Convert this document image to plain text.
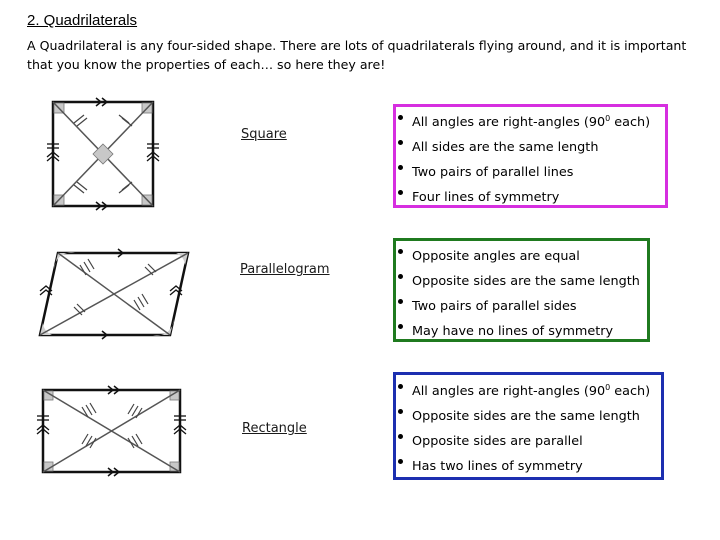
2. Quadrilaterals
A Quadrilateral is any four-sided shape. There are lots of quadrilaterals flying around, and it is important that you know the properties of each… so here they are!
Square
All angles are right-angles ($90^0$ each)
All sides are the same length
Two pairs of parallel lines
Four lines of symmetry
Parallelogram
Opposite angles are equal
Opposite sides are the same length
Two pairs of parallel sides
May have no lines of symmetry
Rectangle
All angles are right-angles ($90^0$ each)
Opposite sides are the same length
Opposite sides are parallel
Has two lines of symmetry
